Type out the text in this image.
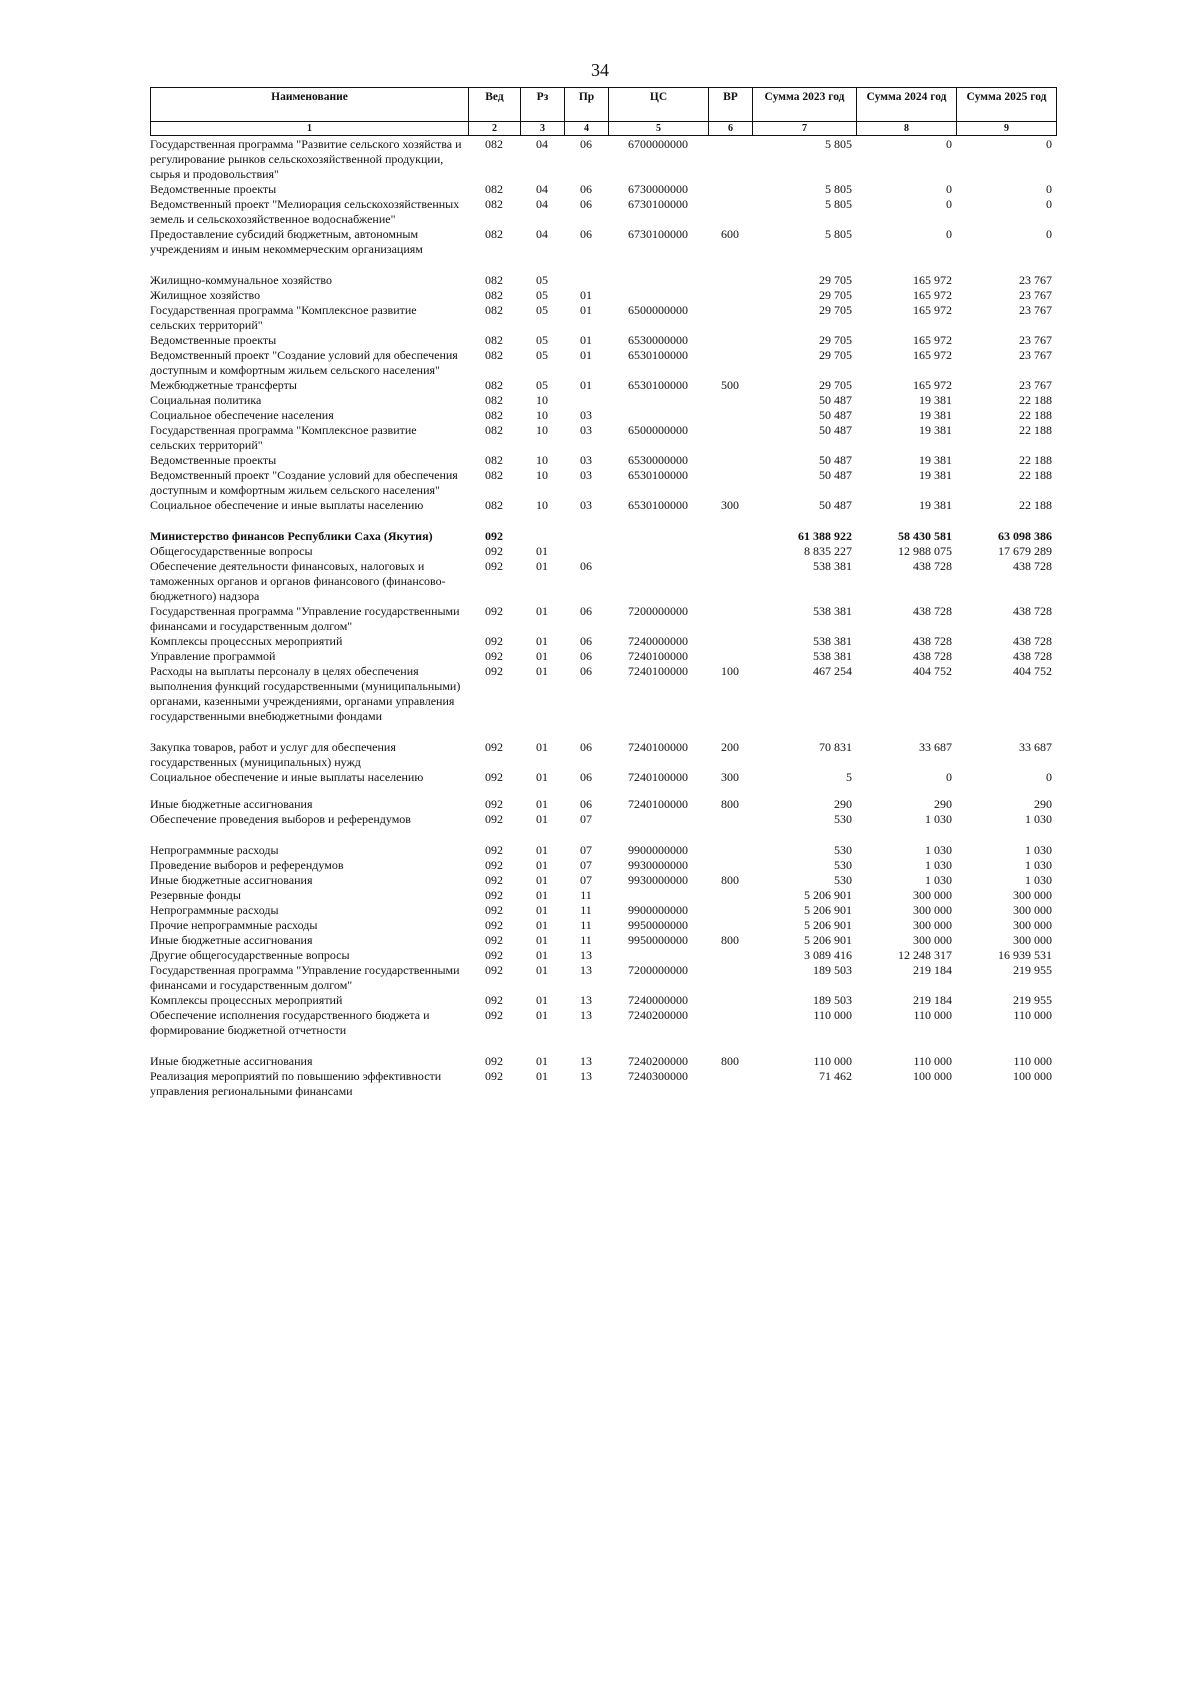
34
Наименование	Вед	Рз	Пр	ЦС	ВР	Сумма 2023 год	Сумма 2024 год	Сумма 2025 год
1	2	3	4	5	6	7	8	9
Государственная программа "Развитие сельского хозяйства и регулирование рынков сельскохозяйственной продукции, сырья и продовольствия"	082	04	06	6700000000		5 805	0	0
Ведомственные проекты	082	04	06	6730000000		5 805	0	0
Ведомственный проект "Мелиорация сельскохозяйственных земель и сельскохозяйственное водоснабжение"	082	04	06	6730100000		5 805	0	0
Предоставление субсидий бюджетным, автономным учреждениям и иным некоммерческим организациям	082	04	06	6730100000	600	5 805	0	0
Жилищно-коммунальное хозяйство	082	05				29 705	165 972	23 767
Жилищное хозяйство	082	05	01			29 705	165 972	23 767
Государственная программа "Комплексное развитие сельских территорий"	082	05	01	6500000000		29 705	165 972	23 767
Ведомственные проекты	082	05	01	6530000000		29 705	165 972	23 767
Ведомственный проект "Создание условий для обеспечения доступным и комфортным жильем сельского населения"	082	05	01	6530100000		29 705	165 972	23 767
Межбюджетные трансферты	082	05	01	6530100000	500	29 705	165 972	23 767
Социальная политика	082	10				50 487	19 381	22 188
Социальное обеспечение населения	082	10	03			50 487	19 381	22 188
Государственная программа "Комплексное развитие сельских территорий"	082	10	03	6500000000		50 487	19 381	22 188
Ведомственные проекты	082	10	03	6530000000		50 487	19 381	22 188
Ведомственный проект "Создание условий для обеспечения доступным и комфортным жильем сельского населения"	082	10	03	6530100000		50 487	19 381	22 188
Социальное обеспечение и иные выплаты населению	082	10	03	6530100000	300	50 487	19 381	22 188
Министерство финансов Республики Саха (Якутия)	092					61 388 922	58 430 581	63 098 386
Общегосударственные вопросы	092	01				8 835 227	12 988 075	17 679 289
Обеспечение деятельности финансовых, налоговых и таможенных органов и органов финансового (финансово-бюджетного) надзора	092	01	06			538 381	438 728	438 728
Государственная программа "Управление государственными финансами и государственным долгом"	092	01	06	7200000000		538 381	438 728	438 728
Комплексы процессных мероприятий	092	01	06	7240000000		538 381	438 728	438 728
Управление программой	092	01	06	7240100000		538 381	438 728	438 728
Расходы на выплаты персоналу в целях обеспечения выполнения функций государственными (муниципальными) органами, казенными учреждениями, органами управления государственными внебюджетными фондами	092	01	06	7240100000	100	467 254	404 752	404 752
Закупка товаров, работ и услуг для обеспечения государственных (муниципальных) нужд	092	01	06	7240100000	200	70 831	33 687	33 687
Социальное обеспечение и иные выплаты населению	092	01	06	7240100000	300	5	0	0
Иные бюджетные ассигнования	092	01	06	7240100000	800	290	290	290
Обеспечение проведения выборов и референдумов	092	01	07			530	1 030	1 030
Непрограммные расходы	092	01	07	9900000000		530	1 030	1 030
Проведение выборов и референдумов	092	01	07	9930000000		530	1 030	1 030
Иные бюджетные ассигнования	092	01	07	9930000000	800	530	1 030	1 030
Резервные фонды	092	01	11			5 206 901	300 000	300 000
Непрограммные расходы	092	01	11	9900000000		5 206 901	300 000	300 000
Прочие непрограммные расходы	092	01	11	9950000000		5 206 901	300 000	300 000
Иные бюджетные ассигнования	092	01	11	9950000000	800	5 206 901	300 000	300 000
Другие общегосударственные вопросы	092	01	13			3 089 416	12 248 317	16 939 531
Государственная программа "Управление государственными финансами и государственным долгом"	092	01	13	7200000000		189 503	219 184	219 955
Комплексы процессных мероприятий	092	01	13	7240000000		189 503	219 184	219 955
Обеспечение исполнения государственного бюджета и формирование бюджетной отчетности	092	01	13	7240200000		110 000	110 000	110 000
Иные бюджетные ассигнования	092	01	13	7240200000	800	110 000	110 000	110 000
Реализация мероприятий по повышению эффективности управления региональными финансами	092	01	13	7240300000		71 462	100 000	100 000
